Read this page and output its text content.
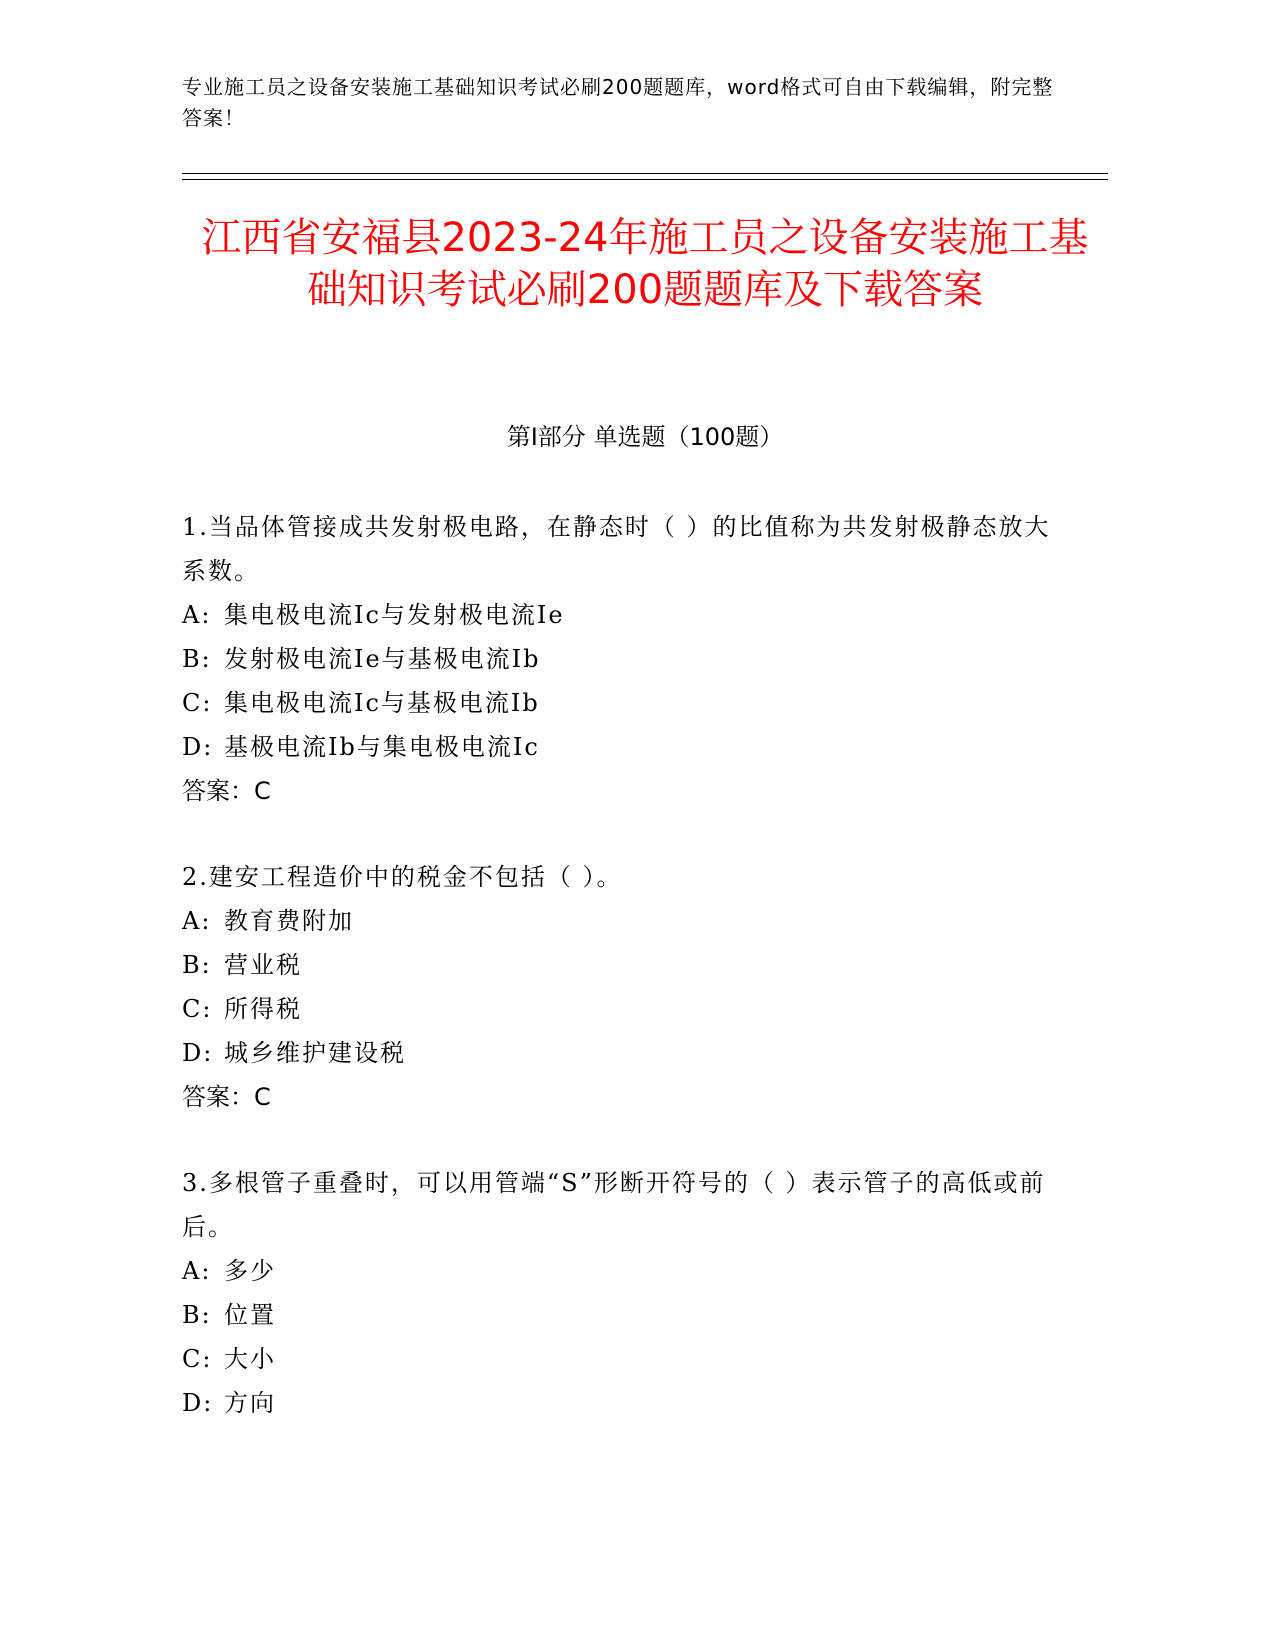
专业施工员之设备安装施工基础知识考试必刷200题题库，word格式可自由下载编辑，附完整答案！
江西省安福县2023-24年施工员之设备安装施工基础知识考试必刷200题题库及下载答案
第Ⅰ部分 单选题（100题）
1.当品体管接成共发射极电路，在静态时（ ）的比值称为共发射极静态放大系数。
A: 集电极电流Ic与发射极电流Ie
B: 发射极电流Ie与基极电流Ib
C: 集电极电流Ic与基极电流Ib
D: 基极电流Ib与集电极电流Ic
答案：C
2.建安工程造价中的税金不包括（ ）。
A: 教育费附加
B: 营业税
C: 所得税
D: 城乡维护建设税
答案：C
3.多根管子重叠时，可以用管端“S”形断开符号的（ ）表示管子的高低或前后。
A: 多少
B: 位置
C: 大小
D: 方向
